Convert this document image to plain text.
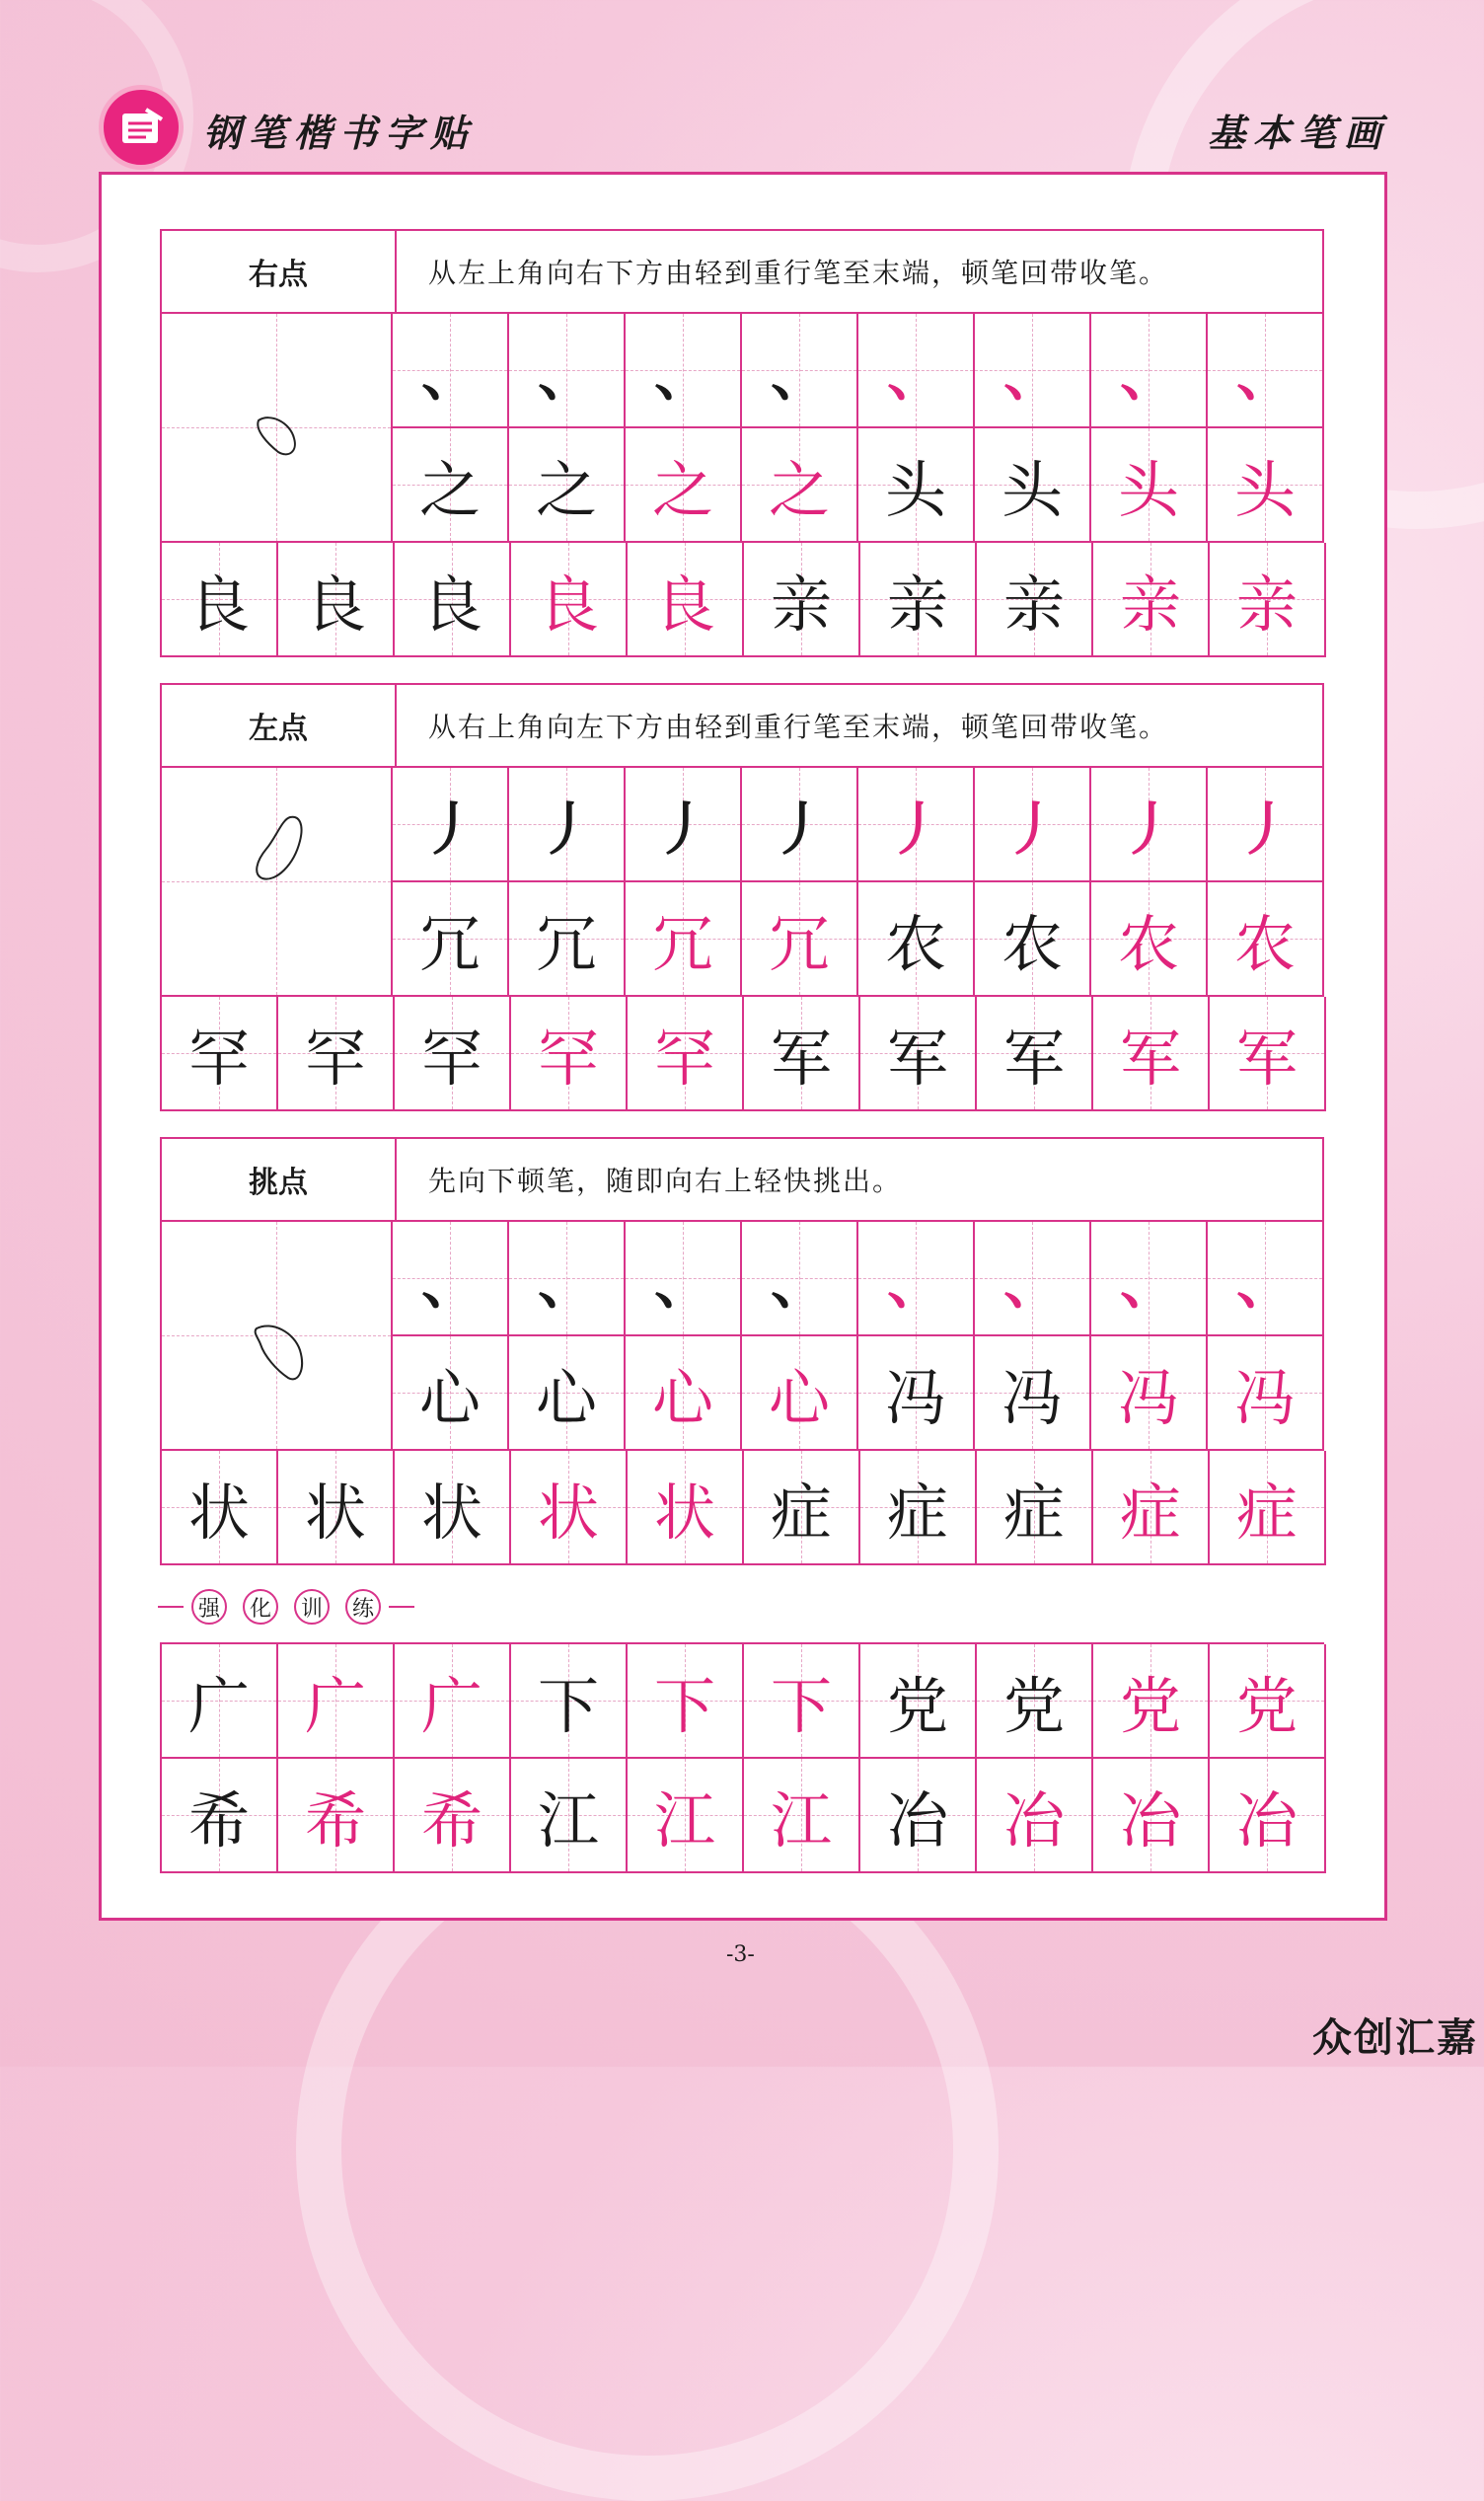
钢笔楷书字贴	基本笔画
右点	从左上角向右下方由轻到重行笔至末端，顿笔回带收笔。
、 、 、 、 、 、 、 、
之 之 之 之 头 头 头 头
良 良 良 良 良 亲 亲 亲 亲 亲
左点	从右上角向左下方由轻到重行笔至末端，顿笔回带收笔。
丿 丿 丿 丿 丿 丿 丿 丿
冗 冗 冗 冗 农 农 农 农
罕 罕 罕 罕 罕 军 军 军 军 军
挑点	先向下顿笔，随即向右上轻快挑出。
、 、 、 、 、 、 、 、
心 心 心 心 冯 冯 冯 冯
状 状 状 状 状 症 症 症 症 症
强	化	训	练
广 广 广 下 下 下 党 党 党 党
希 希 希 江 江 江 冶 冶 冶 冶
-3-
众创汇嘉
